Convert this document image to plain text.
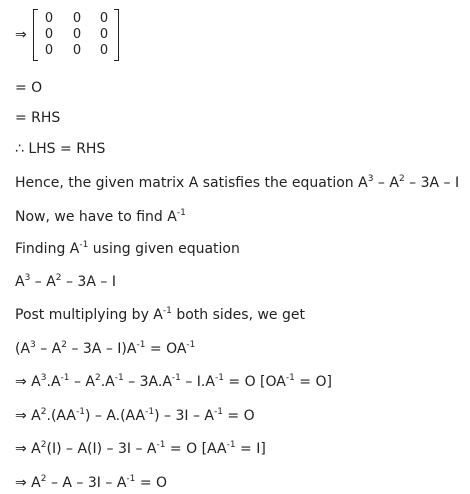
⇒
0 0 0
0 0 0
0 0 0
= O
= RHS
∴ LHS = RHS
Hence, the given matrix A satisfies the equation $A^3 - A^2 - 3A$ – I
Now, we have to find $A^{-1}$
Finding $A^{-1}$ using given equation
$A^3 - A^2 - 3A$ – I
Post multiplying by $A^{-1}$ both sides, we get
$(A^3 - A^2 - 3A - I)A^{-1} = OA^{-1}$
⇒ $A^3.A^{-1} - A^2.A^{-1} - 3A.A^{-1} - I.A^{-1} = O$ $[OA^{-1} = O]$
⇒ $A^2.(AA^{-1}) - A.(AA^{-1}) - 3I - A^{-1} = O$
⇒ $A^2(I) - A(I) - 3I - A^{-1} = O$ $[AA^{-1} = I]$
⇒ $A^2 - A - 3I - A^{-1} = O$
